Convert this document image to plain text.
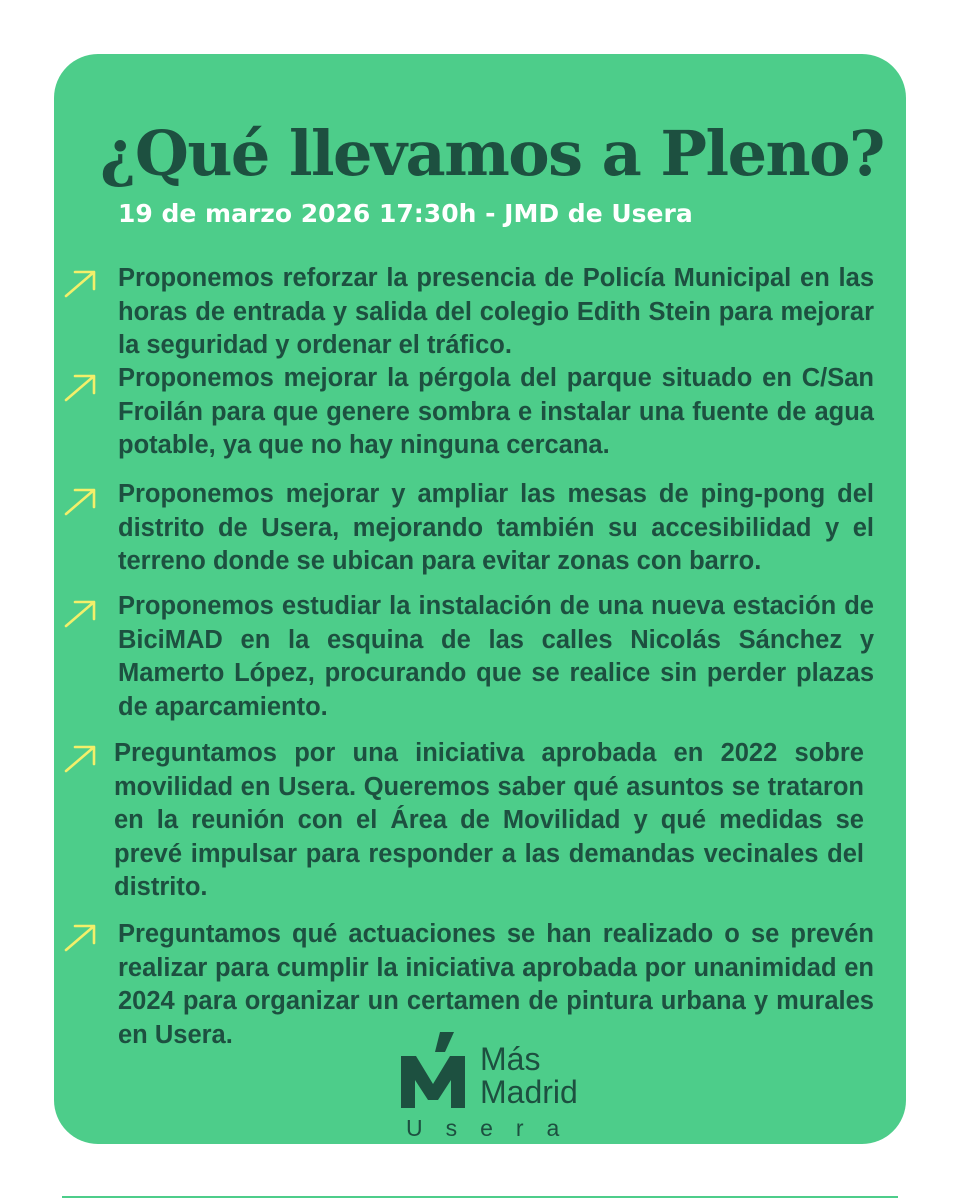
¿Qué llevamos a Pleno?

19 de marzo 2026 17:30h - JMD de Usera

Proponemos reforzar la presencia de Policía Municipal en las horas de entrada y salida del colegio Edith Stein para mejorar la seguridad y ordenar el tráfico.

Proponemos mejorar la pérgola del parque situado en C/San Froilán para que genere sombra e instalar una fuente de agua potable, ya que no hay ninguna cercana.

Proponemos mejorar y ampliar las mesas de ping-pong del distrito de Usera, mejorando también su accesibilidad y el terreno donde se ubican para evitar zonas con barro.

Proponemos estudiar la instalación de una nueva estación de BiciMAD en la esquina de las calles Nicolás Sánchez y Mamerto López, procurando que se realice sin perder plazas de aparcamiento.

Preguntamos por una iniciativa aprobada en 2022 sobre movilidad en Usera. Queremos saber qué asuntos se trataron en la reunión con el Área de Movilidad y qué medidas se prevé impulsar para responder a las demandas vecinales del distrito.

Preguntamos qué actuaciones se han realizado o se prevén realizar para cumplir la iniciativa aprobada por unanimidad en 2024 para organizar un certamen de pintura urbana y murales en Usera.

Más
Madrid

Usera
